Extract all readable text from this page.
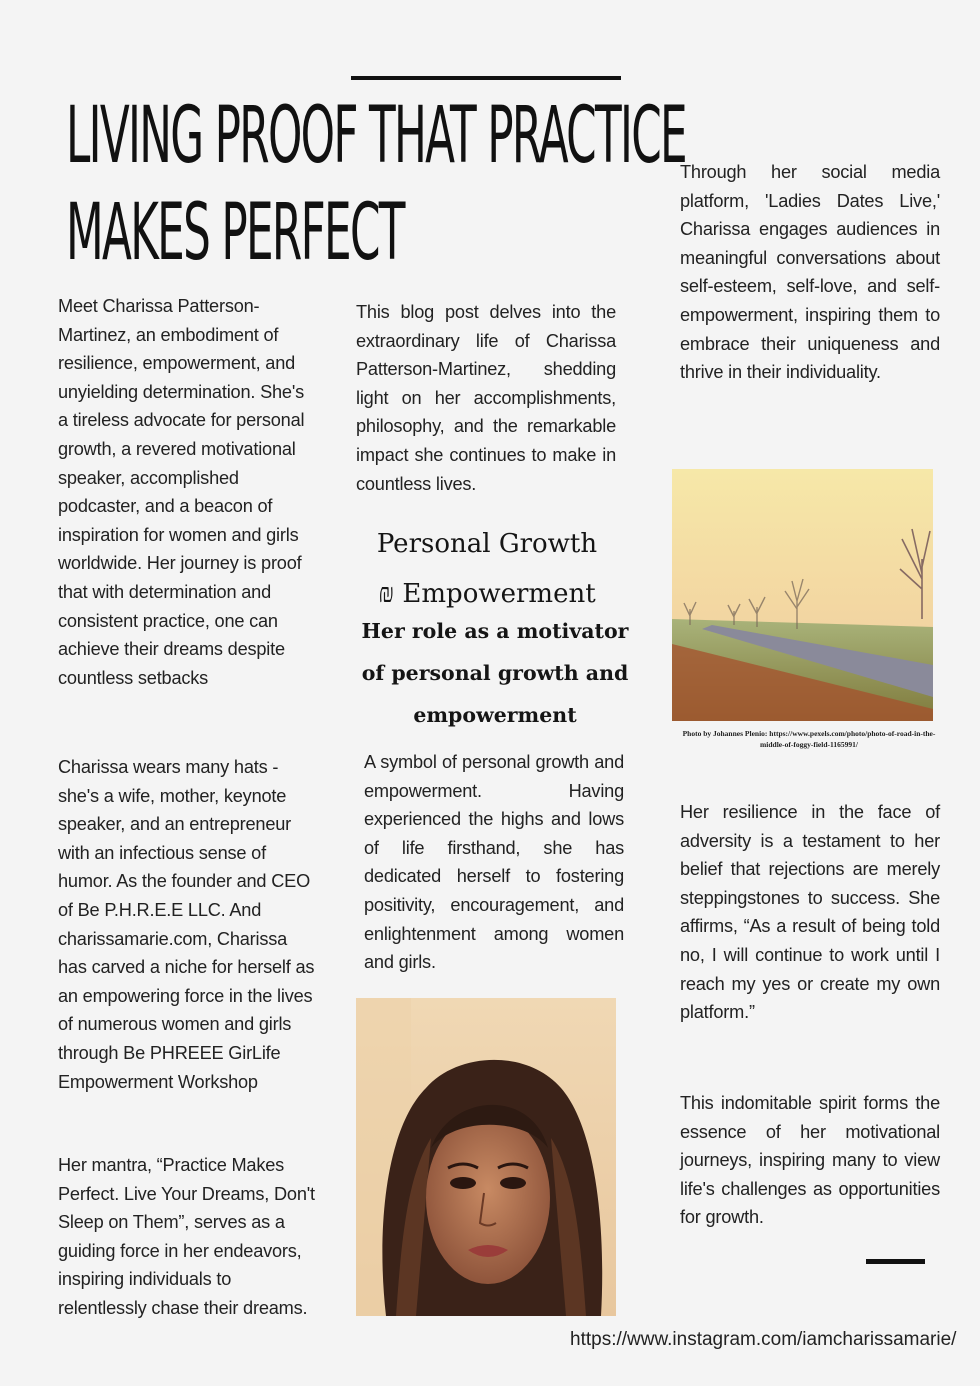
LIVING PROOF THAT PRACTICE
MAKES PERFECT

Meet Charissa Patterson-Martinez, an embodiment of resilience, empowerment, and unyielding determination. She's a tireless advocate for personal growth, a revered motivational speaker, accomplished podcaster, and a beacon of inspiration for women and girls worldwide. Her journey is proof that with determination and consistent practice, one can achieve their dreams despite countless setbacks

Charissa wears many hats - she's a wife, mother, keynote speaker, and an entrepreneur with an infectious sense of humor. As the founder and CEO of Be P.H.R.E.E LLC. And charissamarie.com, Charissa has carved a niche for herself as an empowering force in the lives of numerous women and girls through Be PHREEE GirLife Empowerment Workshop

Her mantra, “Practice Makes Perfect. Live Your Dreams, Don't Sleep on Them”, serves as a guiding force in her endeavors, inspiring individuals to relentlessly chase their dreams.

This blog post delves into the extraordinary life of Charissa Patterson-Martinez, shedding light on her accomplishments, philosophy, and the remarkable impact she continues to make in countless lives.

Personal Growth

₪ Empowerment

Her role as a motivator of personal growth and empowerment

A symbol of personal growth and empowerment. Having experienced the highs and lows of life firsthand, she has dedicated herself to fostering positivity, encouragement, and enlightenment among women and girls.

Through her social media platform, 'Ladies Dates Live,' Charissa engages audiences in meaningful conversations about self-esteem, self-love, and self-empowerment, inspiring them to embrace their uniqueness and thrive in their individuality.

Photo by Johannes Plenio: https://www.pexels.com/photo/photo-of-road-in-the-middle-of-foggy-field-1165991/

Her resilience in the face of adversity is a testament to her belief that rejections are merely steppingstones to success. She affirms, “As a result of being told no, I will continue to work until I reach my yes or create my own platform.”

This indomitable spirit forms the essence of her motivational journeys, inspiring many to view life's challenges as opportunities for growth.

https://www.instagram.com/iamcharissamarie/
